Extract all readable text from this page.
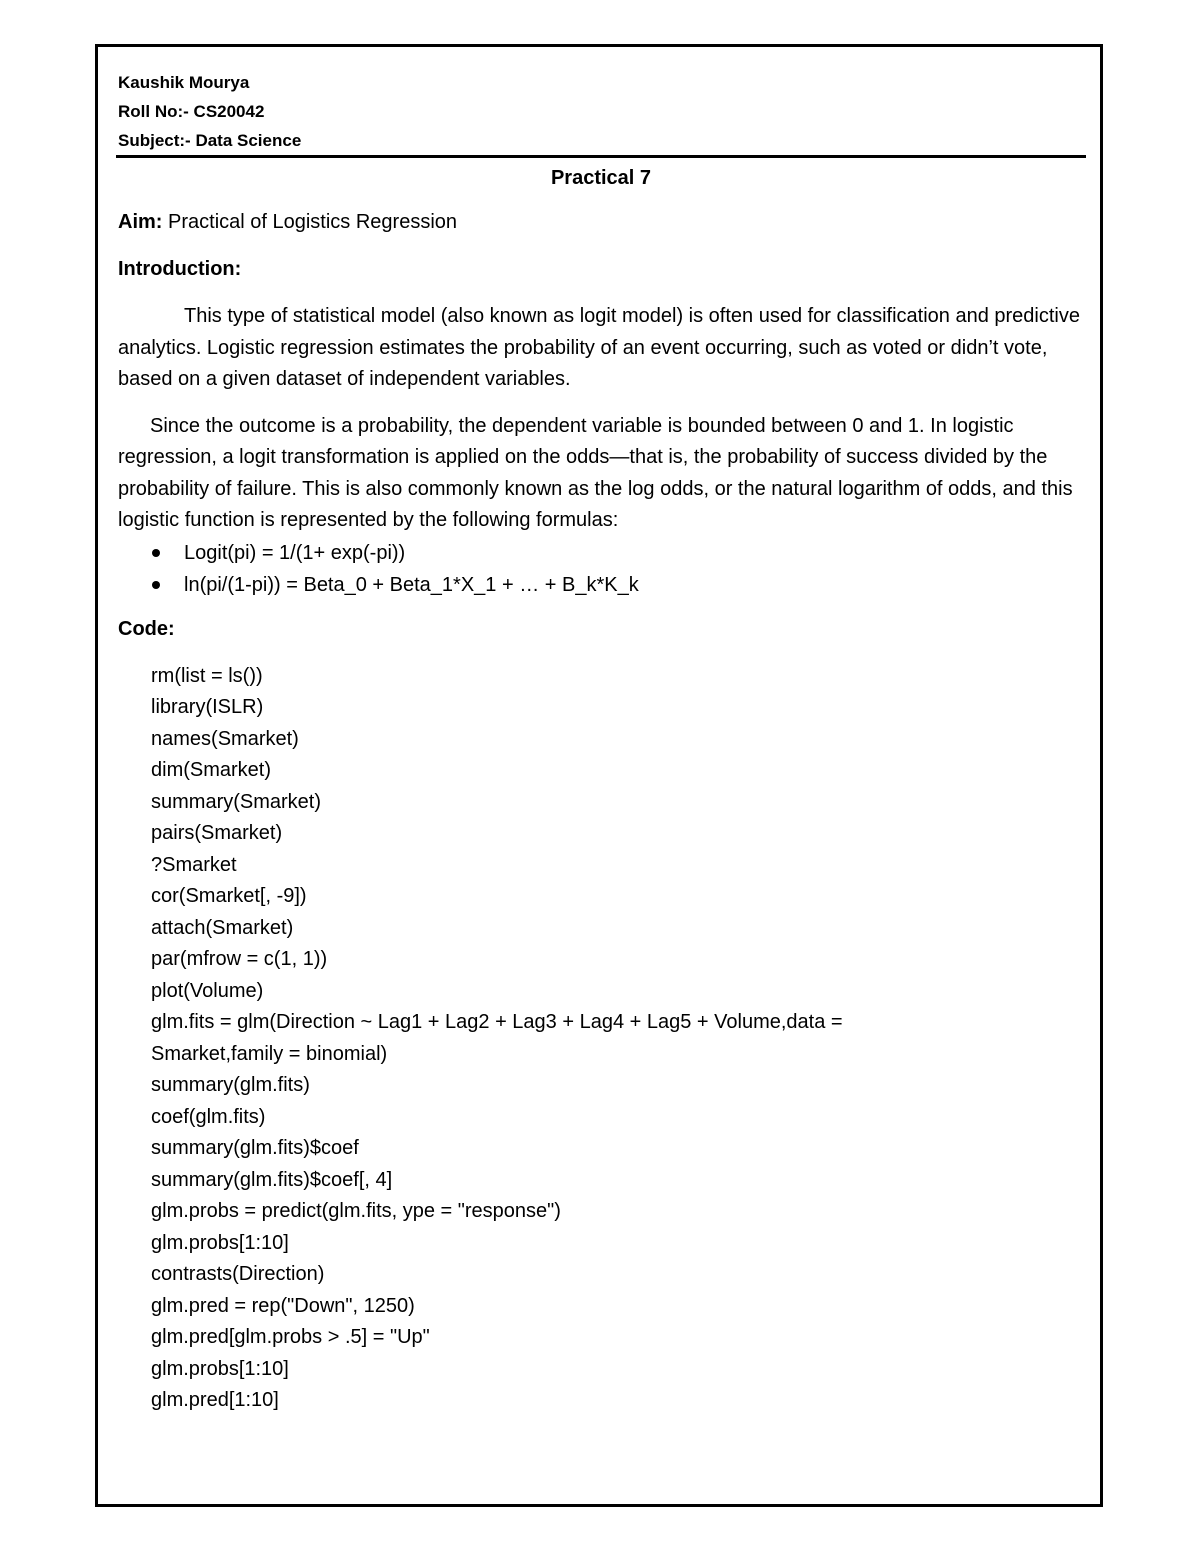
Kaushik Mourya
Roll No:- CS20042
Subject:- Data Science
Practical 7
Aim: Practical of Logistics Regression
Introduction:

This type of statistical model (also known as logit model) is often used for classification and predictive analytics. Logistic regression estimates the probability of an event occurring, such as voted or didn’t vote, based on a given dataset of independent variables.

Since the outcome is a probability, the dependent variable is bounded between 0 and 1. In logistic regression, a logit transformation is applied on the odds—that is, the probability of success divided by the probability of failure. This is also commonly known as the log odds, or the natural logarithm of odds, and this logistic function is represented by the following formulas:

Logit(pi) = 1/(1+ exp(-pi))
ln(pi/(1-pi)) = Beta_0 + Beta_1*X_1 + … + B_k*K_k
Code:
rm(list = ls())
library(ISLR)
names(Smarket)
dim(Smarket)
summary(Smarket)
pairs(Smarket)
?Smarket
cor(Smarket[, -9])
attach(Smarket)
par(mfrow = c(1, 1))
plot(Volume)
glm.fits = glm(Direction ~ Lag1 + Lag2 + Lag3 + Lag4 + Lag5 + Volume,data =
Smarket,family = binomial)
summary(glm.fits)
coef(glm.fits)
summary(glm.fits)$coef
summary(glm.fits)$coef[, 4]
glm.probs = predict(glm.fits, ype = "response")
glm.probs[1:10]
contrasts(Direction)
glm.pred = rep("Down", 1250)
glm.pred[glm.probs > .5] = "Up"
glm.probs[1:10]
glm.pred[1:10]
